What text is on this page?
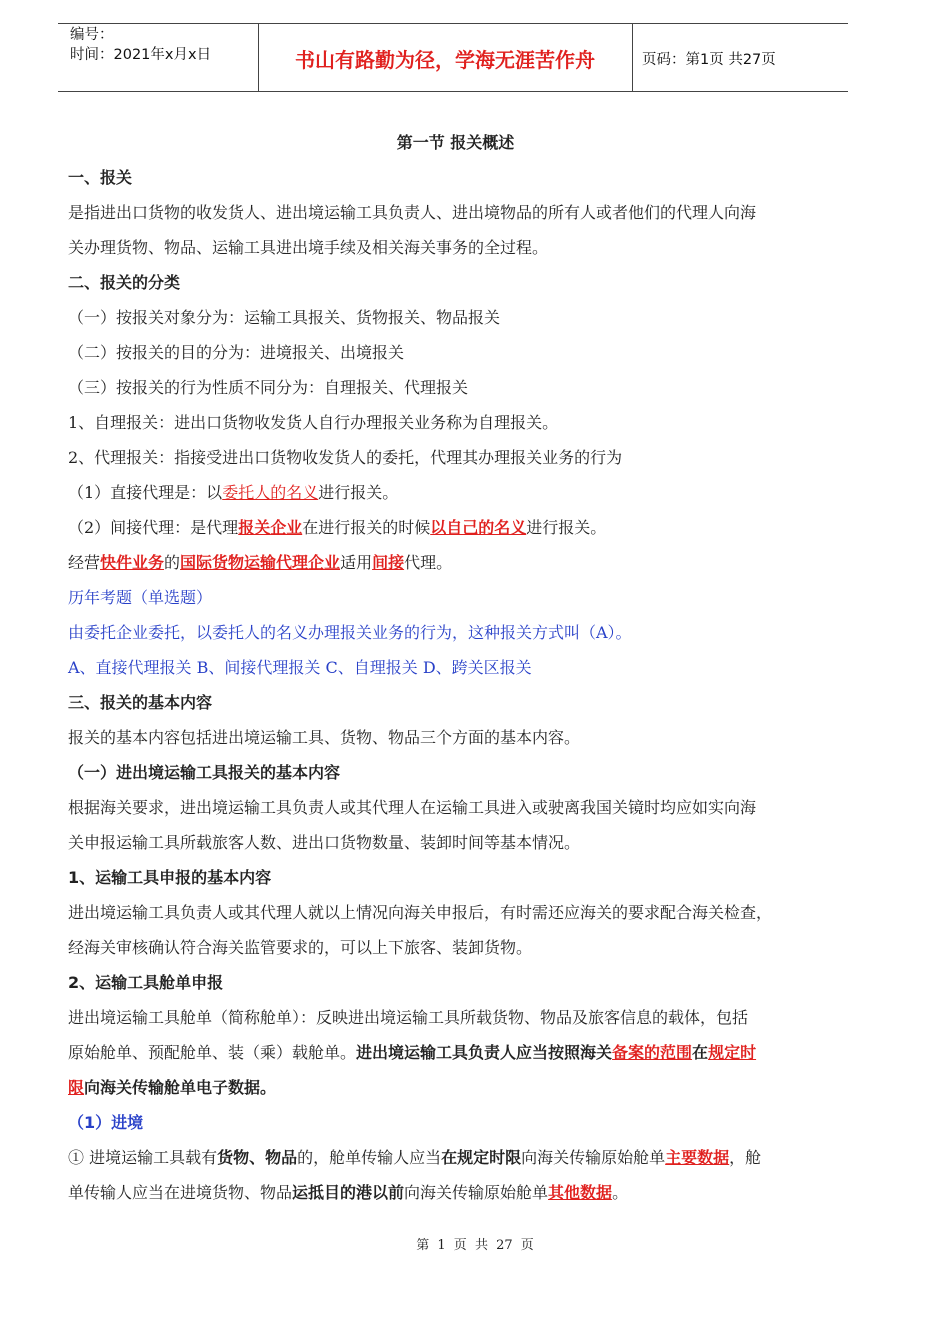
编号：
时间：2021年x月x日	书山有路勤为径，学海无涯苦作舟	页码：第1页 共27页
第一节 报关概述
一、报关
是指进出口货物的收发货人、进出境运输工具负责人、进出境物品的所有人或者他们的代理人向海
关办理货物、物品、运输工具进出境手续及相关海关事务的全过程。
二、报关的分类
（一）按报关对象分为：运输工具报关、货物报关、物品报关
（二）按报关的目的分为：进境报关、出境报关
（三）按报关的行为性质不同分为：自理报关、代理报关
1、自理报关：进出口货物收发货人自行办理报关业务称为自理报关。
2、代理报关：指接受进出口货物收发货人的委托，代理其办理报关业务的行为
（1）直接代理是：以委托人的名义进行报关。
（2）间接代理：是代理报关企业在进行报关的时候以自己的名义进行报关。
经营快件业务的国际货物运输代理企业适用间接代理。
历年考题（单选题）
由委托企业委托，以委托人的名义办理报关业务的行为，这种报关方式叫（A）。
A、直接代理报关 B、间接代理报关 C、自理报关 D、跨关区报关
三、报关的基本内容
报关的基本内容包括进出境运输工具、货物、物品三个方面的基本内容。
（一）进出境运输工具报关的基本内容
根据海关要求，进出境运输工具负责人或其代理人在运输工具进入或驶离我国关镜时均应如实向海
关申报运输工具所载旅客人数、进出口货物数量、装卸时间等基本情况。
1、运输工具申报的基本内容
进出境运输工具负责人或其代理人就以上情况向海关申报后，有时需还应海关的要求配合海关检查，
经海关审核确认符合海关监管要求的，可以上下旅客、装卸货物。
2、运输工具舱单申报
进出境运输工具舱单（简称舱单）：反映进出境运输工具所载货物、物品及旅客信息的载体，包括
原始舱单、预配舱单、装（乘）载舱单。进出境运输工具负责人应当按照海关备案的范围在规定时
限向海关传输舱单电子数据。
（1）进境
① 进境运输工具载有货物、物品的，舱单传输人应当在规定时限向海关传输原始舱单主要数据，舱
单传输人应当在进境货物、物品运抵目的港以前向海关传输原始舱单其他数据。
第 1 页 共 27 页
